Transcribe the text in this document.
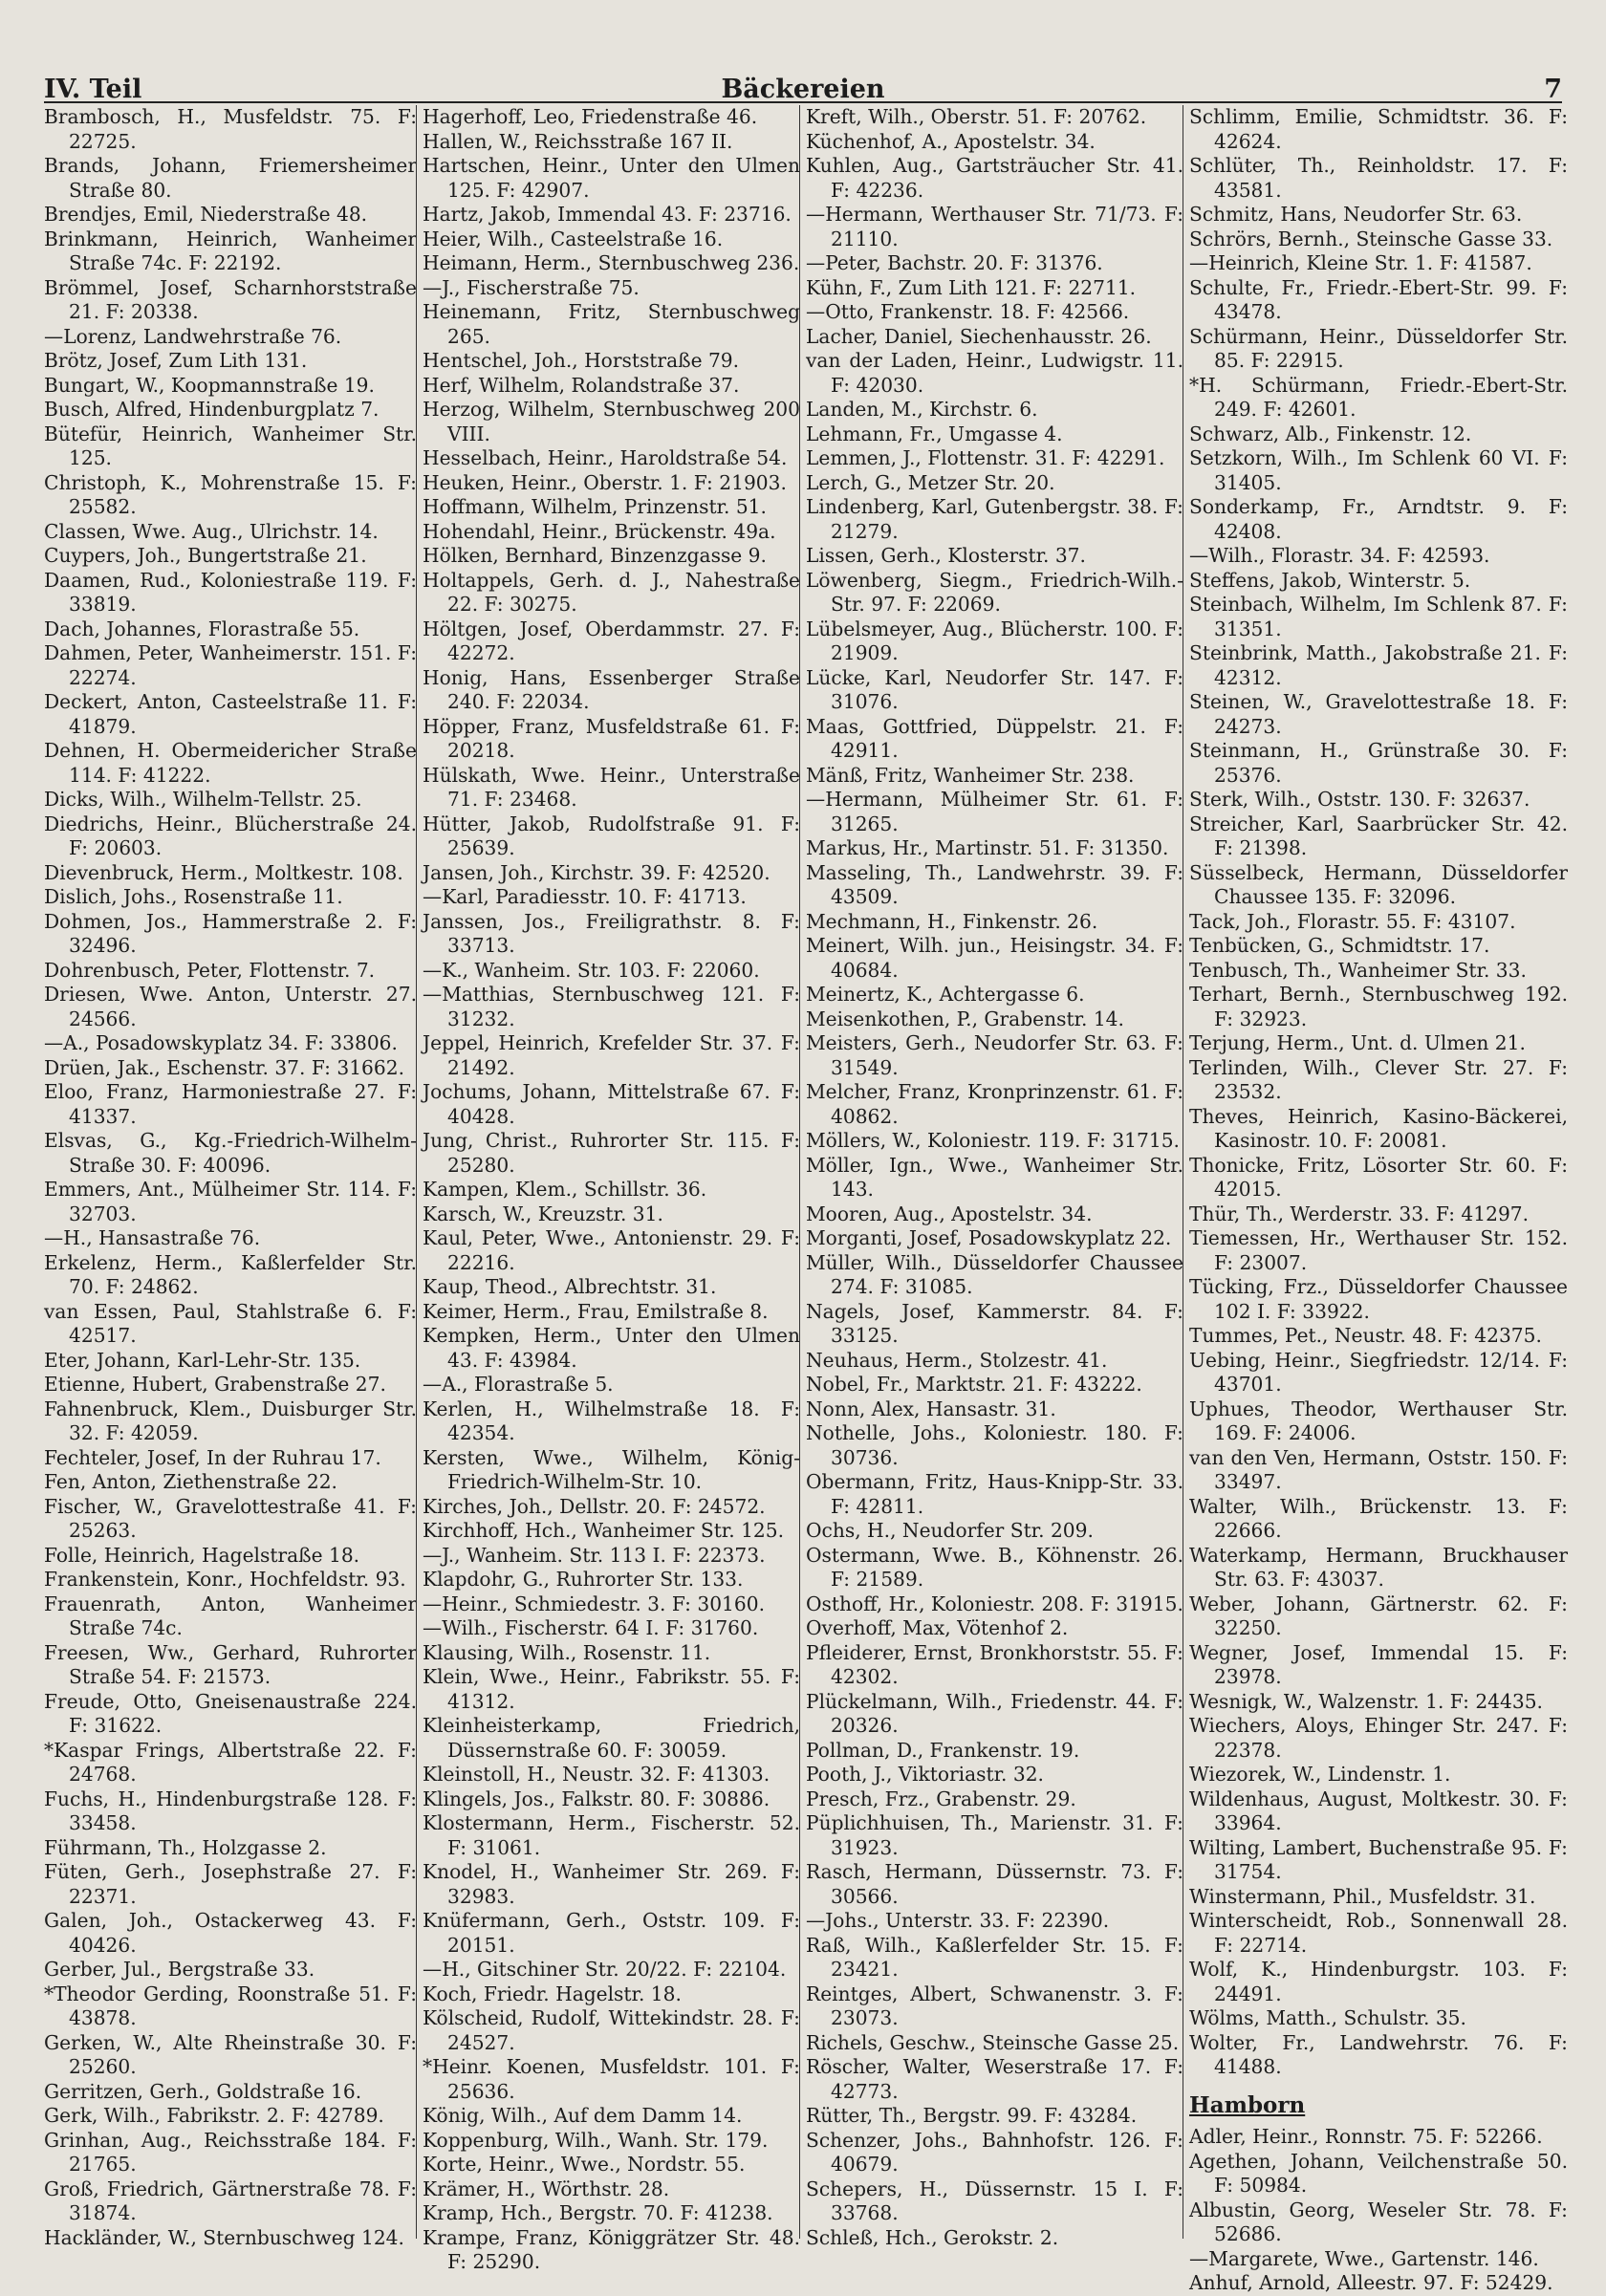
IV. Teil	Bäckereien	7

Brambosch, H., Musfeldstr. 75. F: 22725.

Brands, Johann, Friemersheimer Straße 80.

Brendjes, Emil, Niederstraße 48.

Brinkmann, Heinrich, Wanheimer Straße 74c. F: 22192.

Brömmel, Josef, Scharnhorststraße 21. F: 20338.

—Lorenz, Landwehrstraße 76.

Brötz, Josef, Zum Lith 131.

Bungart, W., Koopmannstraße 19.

Busch, Alfred, Hindenburgplatz 7.

Bütefür, Heinrich, Wanheimer Str. 125.

Christoph, K., Mohrenstraße 15. F: 25582.

Classen, Wwe. Aug., Ulrichstr. 14.

Cuypers, Joh., Bungertstraße 21.

Daamen, Rud., Koloniestraße 119. F: 33819.

Dach, Johannes, Florastraße 55.

Dahmen, Peter, Wanheimerstr. 151. F: 22274.

Deckert, Anton, Casteelstraße 11. F: 41879.

Dehnen, H. Obermeidericher Straße 114. F: 41222.

Dicks, Wilh., Wilhelm-Tellstr. 25.

Diedrichs, Heinr., Blücherstraße 24. F: 20603.

Dievenbruck, Herm., Moltkestr. 108.

Dislich, Johs., Rosenstraße 11.

Dohmen, Jos., Hammerstraße 2. F: 32496.

Dohrenbusch, Peter, Flottenstr. 7.

Driesen, Wwe. Anton, Unterstr. 27. 24566.

—A., Posadowskyplatz 34. F: 33806.

Drüen, Jak., Eschenstr. 37. F: 31662.

Eloo, Franz, Harmoniestraße 27. F: 41337.

Elsvas, G., Kg.-Friedrich-Wilhelm-Straße 30. F: 40096.

Emmers, Ant., Mülheimer Str. 114. F: 32703.

—H., Hansastraße 76.

Erkelenz, Herm., Kaßlerfelder Str. 70. F: 24862.

van Essen, Paul, Stahlstraße 6. F: 42517.

Eter, Johann, Karl-Lehr-Str. 135.

Etienne, Hubert, Grabenstraße 27.

Fahnenbruck, Klem., Duisburger Str. 32. F: 42059.

Fechteler, Josef, In der Ruhrau 17.

Fen, Anton, Ziethenstraße 22.

Fischer, W., Gravelottestraße 41. F: 25263.

Folle, Heinrich, Hagelstraße 18.

Frankenstein, Konr., Hochfeldstr. 93.

Frauenrath, Anton, Wanheimer Straße 74c.

Freesen, Ww., Gerhard, Ruhrorter Straße 54. F: 21573.

Freude, Otto, Gneisenaustraße 224. F: 31622.

*Kaspar Frings, Albertstraße 22. F: 24768.

Fuchs, H., Hindenburgstraße 128. F: 33458.

Führmann, Th., Holzgasse 2.

Füten, Gerh., Josephstraße 27. F: 22371.

Galen, Joh., Ostackerweg 43. F: 40426.

Gerber, Jul., Bergstraße 33.

*Theodor Gerding, Roonstraße 51. F: 43878.

Gerken, W., Alte Rheinstraße 30. F: 25260.

Gerritzen, Gerh., Goldstraße 16.

Gerk, Wilh., Fabrikstr. 2. F: 42789.

Grinhan, Aug., Reichsstraße 184. F: 21765.

Groß, Friedrich, Gärtnerstraße 78. F: 31874.

Hackländer, W., Sternbuschweg 124.

Hagerhoff, Leo, Friedenstraße 46.

Hallen, W., Reichsstraße 167 II.

Hartschen, Heinr., Unter den Ulmen 125. F: 42907.

Hartz, Jakob, Immendal 43. F: 23716.

Heier, Wilh., Casteelstraße 16.

Heimann, Herm., Sternbuschweg 236.

—J., Fischerstraße 75.

Heinemann, Fritz, Sternbuschweg 265.

Hentschel, Joh., Horststraße 79.

Herf, Wilhelm, Rolandstraße 37.

Herzog, Wilhelm, Sternbuschweg 200 VIII.

Hesselbach, Heinr., Haroldstraße 54.

Heuken, Heinr., Oberstr. 1. F: 21903.

Hoffmann, Wilhelm, Prinzenstr. 51.

Hohendahl, Heinr., Brückenstr. 49a.

Hölken, Bernhard, Binzenzgasse 9.

Holtappels, Gerh. d. J., Nahestraße 22. F: 30275.

Höltgen, Josef, Oberdammstr. 27. F: 42272.

Honig, Hans, Essenberger Straße 240. F: 22034.

Höpper, Franz, Musfeldstraße 61. F: 20218.

Hülskath, Wwe. Heinr., Unterstraße 71. F: 23468.

Hütter, Jakob, Rudolfstraße 91. F: 25639.

Jansen, Joh., Kirchstr. 39. F: 42520.

—Karl, Paradiesstr. 10. F: 41713.

Janssen, Jos., Freiligrathstr. 8. F: 33713.

—K., Wanheim. Str. 103. F: 22060.

—Matthias, Sternbuschweg 121. F: 31232.

Jeppel, Heinrich, Krefelder Str. 37. F: 21492.

Jochums, Johann, Mittelstraße 67. F: 40428.

Jung, Christ., Ruhrorter Str. 115. F: 25280.

Kampen, Klem., Schillstr. 36.

Karsch, W., Kreuzstr. 31.

Kaul, Peter, Wwe., Antonienstr. 29. F: 22216.

Kaup, Theod., Albrechtstr. 31.

Keimer, Herm., Frau, Emilstraße 8.

Kempken, Herm., Unter den Ulmen 43. F: 43984.

—A., Florastraße 5.

Kerlen, H., Wilhelmstraße 18. F: 42354.

Kersten, Wwe., Wilhelm, König-Friedrich-Wilhelm-Str. 10.

Kirches, Joh., Dellstr. 20. F: 24572.

Kirchhoff, Hch., Wanheimer Str. 125.

—J., Wanheim. Str. 113 I. F: 22373.

Klapdohr, G., Ruhrorter Str. 133.

—Heinr., Schmiedestr. 3. F: 30160.

—Wilh., Fischerstr. 64 I. F: 31760.

Klausing, Wilh., Rosenstr. 11.

Klein, Wwe., Heinr., Fabrikstr. 55. F: 41312.

Kleinheisterkamp, Friedrich, Düssernstraße 60. F: 30059.

Kleinstoll, H., Neustr. 32. F: 41303.

Klingels, Jos., Falkstr. 80. F: 30886.

Klostermann, Herm., Fischerstr. 52. F: 31061.

Knodel, H., Wanheimer Str. 269. F: 32983.

Knüfermann, Gerh., Oststr. 109. F: 20151.

—H., Gitschiner Str. 20/22. F: 22104.

Koch, Friedr. Hagelstr. 18.

Kölscheid, Rudolf, Wittekindstr. 28. F: 24527.

*Heinr. Koenen, Musfeldstr. 101. F: 25636.

König, Wilh., Auf dem Damm 14.

Koppenburg, Wilh., Wanh. Str. 179.

Korte, Heinr., Wwe., Nordstr. 55.

Krämer, H., Wörthstr. 28.

Kramp, Hch., Bergstr. 70. F: 41238.

Krampe, Franz, Königgrätzer Str. 48. F: 25290.

Kreft, Wilh., Oberstr. 51. F: 20762.

Küchenhof, A., Apostelstr. 34.

Kuhlen, Aug., Gartsträucher Str. 41. F: 42236.

—Hermann, Werthauser Str. 71/73. F: 21110.

—Peter, Bachstr. 20. F: 31376.

Kühn, F., Zum Lith 121. F: 22711.

—Otto, Frankenstr. 18. F: 42566.

Lacher, Daniel, Siechenhausstr. 26.

van der Laden, Heinr., Ludwigstr. 11. F: 42030.

Landen, M., Kirchstr. 6.

Lehmann, Fr., Umgasse 4.

Lemmen, J., Flottenstr. 31. F: 42291.

Lerch, G., Metzer Str. 20.

Lindenberg, Karl, Gutenbergstr. 38. F: 21279.

Lissen, Gerh., Klosterstr. 37.

Löwenberg, Siegm., Friedrich-Wilh.-Str. 97. F: 22069.

Lübelsmeyer, Aug., Blücherstr. 100. F: 21909.

Lücke, Karl, Neudorfer Str. 147. F: 31076.

Maas, Gottfried, Düppelstr. 21. F: 42911.

Mänß, Fritz, Wanheimer Str. 238.

—Hermann, Mülheimer Str. 61. F: 31265.

Markus, Hr., Martinstr. 51. F: 31350.

Masseling, Th., Landwehrstr. 39. F: 43509.

Mechmann, H., Finkenstr. 26.

Meinert, Wilh. jun., Heisingstr. 34. F: 40684.

Meinertz, K., Achtergasse 6.

Meisenkothen, P., Grabenstr. 14.

Meisters, Gerh., Neudorfer Str. 63. F: 31549.

Melcher, Franz, Kronprinzenstr. 61. F: 40862.

Möllers, W., Koloniestr. 119. F: 31715.

Möller, Ign., Wwe., Wanheimer Str. 143.

Mooren, Aug., Apostelstr. 34.

Morganti, Josef, Posadowskyplatz 22.

Müller, Wilh., Düsseldorfer Chaussee 274. F: 31085.

Nagels, Josef, Kammerstr. 84. F: 33125.

Neuhaus, Herm., Stolzestr. 41.

Nobel, Fr., Marktstr. 21. F: 43222.

Nonn, Alex, Hansastr. 31.

Nothelle, Johs., Koloniestr. 180. F: 30736.

Obermann, Fritz, Haus-Knipp-Str. 33. F: 42811.

Ochs, H., Neudorfer Str. 209.

Ostermann, Wwe. B., Köhnenstr. 26. F: 21589.

Osthoff, Hr., Koloniestr. 208. F: 31915.

Overhoff, Max, Vötenhof 2.

Pfleiderer, Ernst, Bronkhorststr. 55. F: 42302.

Plückelmann, Wilh., Friedenstr. 44. F: 20326.

Pollman, D., Frankenstr. 19.

Pooth, J., Viktoriastr. 32.

Presch, Frz., Grabenstr. 29.

Püplichhuisen, Th., Marienstr. 31. F: 31923.

Rasch, Hermann, Düssernstr. 73. F: 30566.

—Johs., Unterstr. 33. F: 22390.

Raß, Wilh., Kaßlerfelder Str. 15. F: 23421.

Reintges, Albert, Schwanenstr. 3. F: 23073.

Richels, Geschw., Steinsche Gasse 25.

Röscher, Walter, Weserstraße 17. F: 42773.

Rütter, Th., Bergstr. 99. F: 43284.

Schenzer, Johs., Bahnhofstr. 126. F: 40679.

Schepers, H., Düssernstr. 15 I. F: 33768.

Schleß, Hch., Gerokstr. 2.

Schlimm, Emilie, Schmidtstr. 36. F: 42624.

Schlüter, Th., Reinholdstr. 17. F: 43581.

Schmitz, Hans, Neudorfer Str. 63.

Schrörs, Bernh., Steinsche Gasse 33.

—Heinrich, Kleine Str. 1. F: 41587.

Schulte, Fr., Friedr.-Ebert-Str. 99. F: 43478.

Schürmann, Heinr., Düsseldorfer Str. 85. F: 22915.

*H. Schürmann, Friedr.-Ebert-Str. 249. F: 42601.

Schwarz, Alb., Finkenstr. 12.

Setzkorn, Wilh., Im Schlenk 60 VI. F: 31405.

Sonderkamp, Fr., Arndtstr. 9. F: 42408.

—Wilh., Florastr. 34. F: 42593.

Steffens, Jakob, Winterstr. 5.

Steinbach, Wilhelm, Im Schlenk 87. F: 31351.

Steinbrink, Matth., Jakobstraße 21. F: 42312.

Steinen, W., Gravelottestraße 18. F: 24273.

Steinmann, H., Grünstraße 30. F: 25376.

Sterk, Wilh., Oststr. 130. F: 32637.

Streicher, Karl, Saarbrücker Str. 42. F: 21398.

Süsselbeck, Hermann, Düsseldorfer Chaussee 135. F: 32096.

Tack, Joh., Florastr. 55. F: 43107.

Tenbücken, G., Schmidtstr. 17.

Tenbusch, Th., Wanheimer Str. 33.

Terhart, Bernh., Sternbuschweg 192. F: 32923.

Terjung, Herm., Unt. d. Ulmen 21.

Terlinden, Wilh., Clever Str. 27. F: 23532.

Theves, Heinrich, Kasino-Bäckerei, Kasinostr. 10. F: 20081.

Thonicke, Fritz, Lösorter Str. 60. F: 42015.

Thür, Th., Werderstr. 33. F: 41297.

Tiemessen, Hr., Werthauser Str. 152. F: 23007.

Tücking, Frz., Düsseldorfer Chaussee 102 I. F: 33922.

Tummes, Pet., Neustr. 48. F: 42375.

Uebing, Heinr., Siegfriedstr. 12/14. F: 43701.

Uphues, Theodor, Werthauser Str. 169. F: 24006.

van den Ven, Hermann, Oststr. 150. F: 33497.

Walter, Wilh., Brückenstr. 13. F: 22666.

Waterkamp, Hermann, Bruckhauser Str. 63. F: 43037.

Weber, Johann, Gärtnerstr. 62. F: 32250.

Wegner, Josef, Immendal 15. F: 23978.

Wesnigk, W., Walzenstr. 1. F: 24435.

Wiechers, Aloys, Ehinger Str. 247. F: 22378.

Wiezorek, W., Lindenstr. 1.

Wildenhaus, August, Moltkestr. 30. F: 33964.

Wilting, Lambert, Buchenstraße 95. F: 31754.

Winstermann, Phil., Musfeldstr. 31.

Winterscheidt, Rob., Sonnenwall 28. F: 22714.

Wolf, K., Hindenburgstr. 103. F: 24491.

Wölms, Matth., Schulstr. 35.

Wolter, Fr., Landwehrstr. 76. F: 41488.

Hamborn

Adler, Heinr., Ronnstr. 75. F: 52266.

Agethen, Johann, Veilchenstraße 50. F: 50984.

Albustin, Georg, Weseler Str. 78. F: 52686.

—Margarete, Wwe., Gartenstr. 146.

Anhuf, Arnold, Alleestr. 97. F: 52429.
